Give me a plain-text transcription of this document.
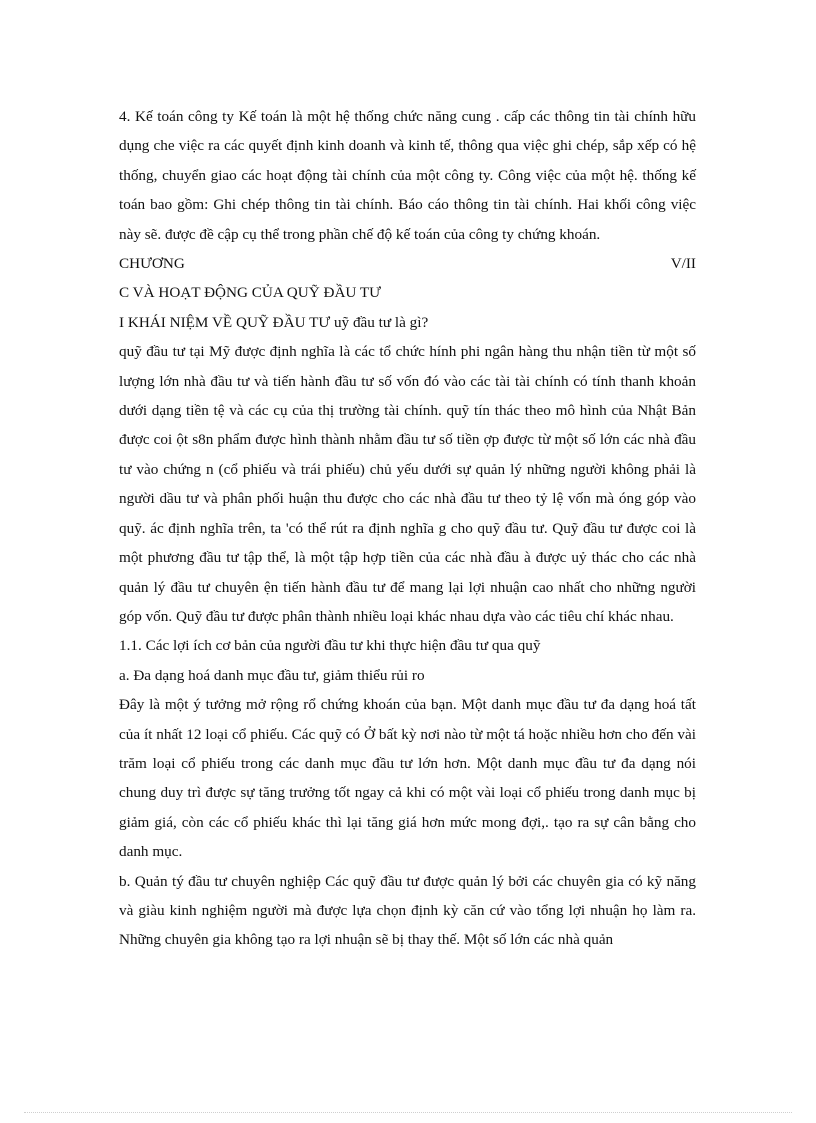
4. Kế toán công ty Kế toán là một hệ thống chức năng cung . cấp các thông tin tài chính hữu dụng che việc ra các quyết định kinh doanh và kinh tế, thông qua việc ghi chép, sắp xếp có hệ thống, chuyển giao các hoạt động tài chính của một công ty. Công việc của một hệ. thống kế toán bao gồm: Ghi chép thông tin tài chính. Báo cáo thông tin tài chính. Hai khối công việc này sẽ. được đề cập cụ thể trong phần chế độ kế toán của công ty chứng khoán.

CHƯƠNG	V/II

C VÀ HOẠT ĐỘNG CỦA QUỸ ĐẦU TƯ

I KHÁI NIỆM VỀ QUỸ ĐẦU TƯ uỹ đầu tư là gì?

quỹ đầu tư tại Mỹ được định nghĩa là các tổ chức hính phi ngân hàng thu nhận tiền từ một số lượng lớn nhà đầu tư và tiến hành đầu tư số vốn đó vào các tài tài chính có tính thanh khoản dưới dạng tiền tệ và các cụ của thị trường tài chính. quỹ tín thác theo mô hình của Nhật Bản được coi ột s8n phẩm được hình thành nhằm đầu tư số tiền ợp được từ một số lớn các nhà đầu tư vào chứng n (cổ phiếu và trái phiếu) chủ yếu dưới sự quản lý những người không phải là người dầu tư và phân phối huận thu được cho các nhà đầu tư theo tỷ lệ vốn mà óng góp vào quỹ. ác định nghĩa trên, ta 'có thể rút ra định nghĩa g cho quỹ đầu tư. Quỹ đầu tư được coi là một phương đầu tư tập thể, là một tập hợp tiền của các nhà đầu à được uỷ thác cho các nhà quản lý đầu tư chuyên ện tiến hành đầu tư để mang lại lợi nhuận cao nhất cho những người góp vốn. Quỹ đầu tư được phân thành nhiều loại khác nhau dựa vào các tiêu chí khác nhau.

1.1. Các lợi ích cơ bản của người đầu tư khi thực hiện đầu tư qua quỹ

a. Đa dạng hoá danh mục đầu tư, giảm thiểu rủi ro

Đây là một ý tưởng mở rộng rổ chứng khoán của bạn. Một danh mục đầu tư đa dạng hoá tất của ít nhất 12 loại cổ phiếu. Các quỹ có Ở bất kỳ nơi nào từ một tá hoặc nhiều hơn cho đến vài trăm loại cổ phiếu trong các danh mục đầu tư lớn hơn. Một danh mục đầu tư đa dạng nói chung duy trì được sự tăng trưởng tốt ngay cả khi có một vài loại cổ phiếu trong danh mục bị giảm giá, còn các cổ phiếu khác thì lại tăng giá hơn mức mong đợi,. tạo ra sự cân bằng cho danh mục.

b. Quản tý đầu tư chuyên nghiệp Các quỹ đầu tư được quản lý bởi các chuyên gia có kỹ năng và giàu kinh nghiệm người mà được lựa chọn định kỳ căn cứ vào tổng lợi nhuận họ làm ra. Những chuyên gia không tạo ra lợi nhuận sẽ bị thay thế. Một số lớn các nhà quản
